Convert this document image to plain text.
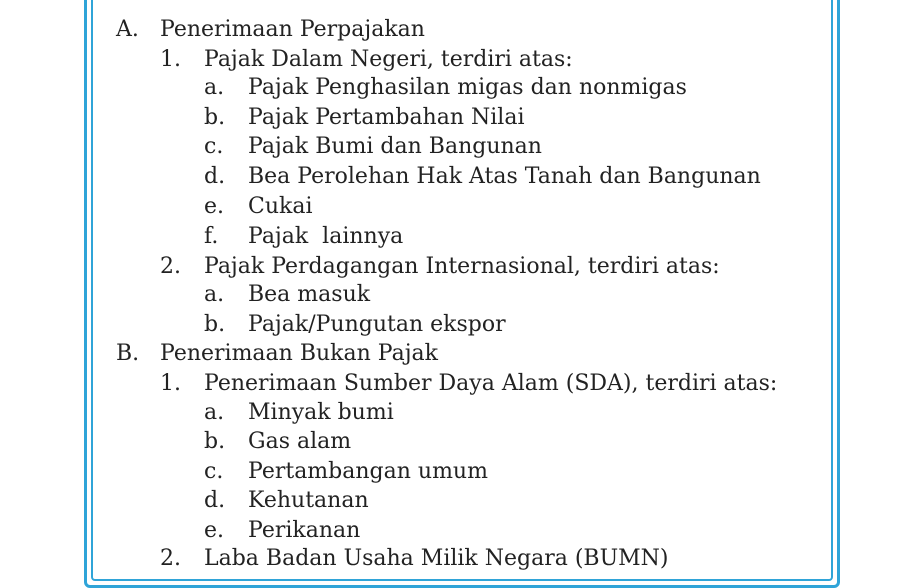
A. Penerimaan Perpajakan
1. Pajak Dalam Negeri, terdiri atas:
a. Pajak Penghasilan migas dan nonmigas
b. Pajak Pertambahan Nilai
c. Pajak Bumi dan Bangunan
d. Bea Perolehan Hak Atas Tanah dan Bangunan
e. Cukai
f. Pajak  lainnya
2. Pajak Perdagangan Internasional, terdiri atas:
a. Bea masuk
b. Pajak/Pungutan ekspor
B. Penerimaan Bukan Pajak
1. Penerimaan Sumber Daya Alam (SDA), terdiri atas:
a. Minyak bumi
b. Gas alam
c. Pertambangan umum
d. Kehutanan
e. Perikanan
2. Laba Badan Usaha Milik Negara (BUMN)
